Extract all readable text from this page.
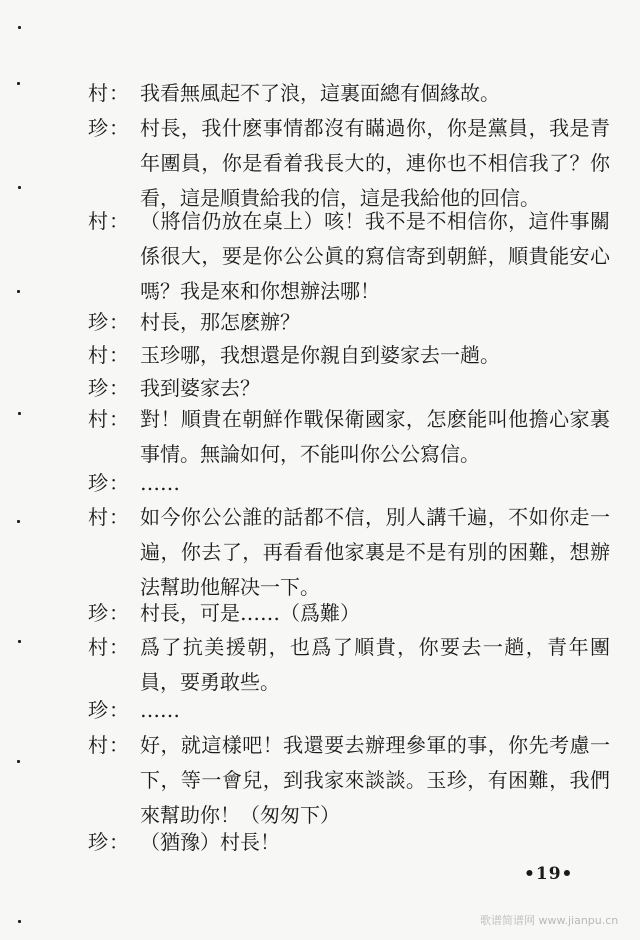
村： 我看無風起不了浪，這裏面總有個緣故。
珍： 村長，我什麽事情都沒有瞞過你，你是黨員，我是青年團員，你是看着我長大的，連你也不相信我了？你看，這是順貴給我的信，這是我給他的回信。
村： （將信仍放在桌上）咳！我不是不相信你，這件事關係很大，要是你公公眞的寫信寄到朝鮮，順貴能安心嗎？我是來和你想辦法哪！
珍： 村長，那怎麽辦？
村： 玉珍哪，我想還是你親自到婆家去一趟。
珍： 我到婆家去？
村： 對！順貴在朝鮮作戰保衛國家，怎麽能叫他擔心家裏事情。無論如何，不能叫你公公寫信。
珍： ……
村： 如今你公公誰的話都不信，別人講千遍，不如你走一遍，你去了，再看看他家裏是不是有別的困難，想辦法幫助他解决一下。
珍： 村長，可是……（爲難）
村： 爲了抗美援朝，也爲了順貴，你要去一趟，青年團員，要勇敢些。
珍： ……
村： 好，就這樣吧！我還要去辦理參軍的事，你先考慮一下，等一會兒，到我家來談談。玉珍，有困難，我們來幫助你！（匆匆下）
珍： （猶豫）村長！
•19•
歌谱简谱网 www.jianpu.cn
